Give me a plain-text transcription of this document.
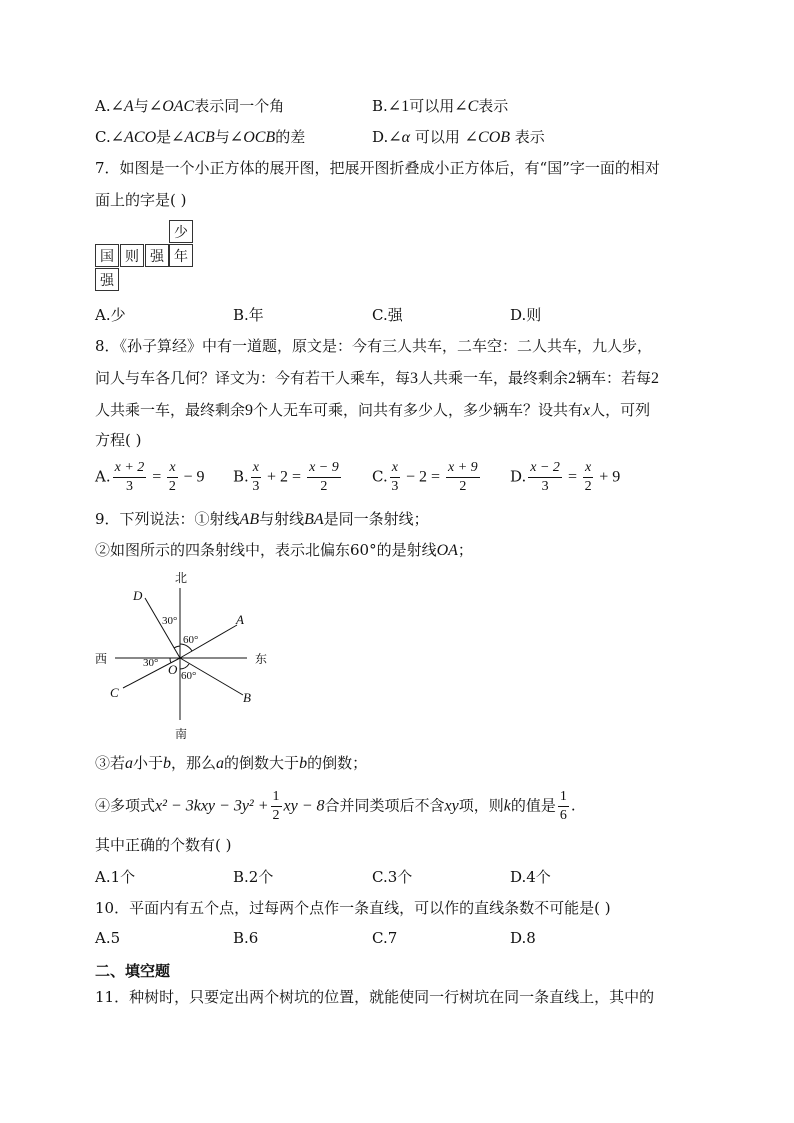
A.∠A与∠OAC表示同一个角	B.∠1可以用∠C表示
C.∠ACO是∠ACB与∠OCB的差	D.∠α 可以用 ∠COB 表示
7．如图是一个小正方体的展开图，把展开图折叠成小正方体后，有“国”字一面的相对
面上的字是( )
少
国 则 强 年
强
A.少	B.年	C.强	D.则
8．《孙子算经》中有一道题，原文是：今有三人共车，二车空：二人共车，九人步，
问人与车各几何？译文为：今有若干人乘车，每3人共乘一车，最终剩余2辆车：若每2
人共乘一车，最终剩余9个人无车可乘，问共有多少人，多少辆车？设共有x人，可列
方程( )
A. $\frac{x + 2}{3} = \frac{x}{2} - 9$ B. $\frac{x}{3} + 2 = \frac{x - 9}{2} C$. $\frac{x}{3} - 2 = \frac{x + 9}{2} D$. $\frac{x - 2}{3} = \frac{x}{2} + 9$
9．下列说法：①射线AB与射线BA是同一条射线；
②如图所示的四条射线中，表示北偏东60°的是射线OA；
北
南
西	东
D
A
C	B
O
30°
60°
30°
60°
③若a小于b，那么a的倒数大于b的倒数；
④多项式$x^2 - 3kxy - 3y^2 + \frac{1}{2}$ xy − 8合并同类项后不含xy项，则k的值是 $\frac{1}{6}$ .
其中正确的个数有( )
A.1个	B.2个	C.3个	D.4个
10．平面内有五个点，过每两个点作一条直线，可以作的直线条数不可能是( )
A.5	B.6	C.7	D.8
二、填空题
11．种树时，只要定出两个树坑的位置，就能使同一行树坑在同一条直线上，其中的
